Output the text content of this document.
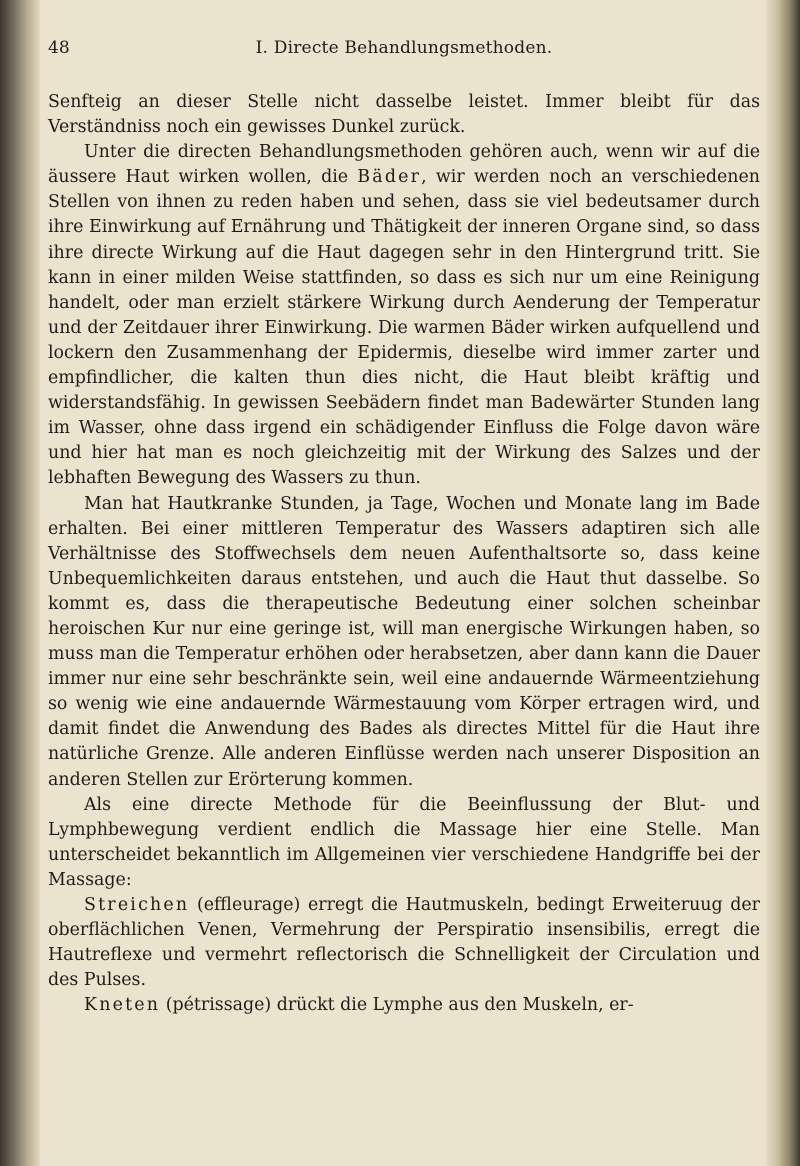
48	I. Directe Behandlungsmethoden.

Senfteig an dieser Stelle nicht dasselbe leistet. Immer bleibt für das Verständniss noch ein gewisses Dunkel zurück.

Unter die directen Behandlungsmethoden gehören auch, wenn wir auf die äussere Haut wirken wollen, die Bäder, wir werden noch an verschiedenen Stellen von ihnen zu reden haben und sehen, dass sie viel bedeutsamer durch ihre Einwirkung auf Ernährung und Thätigkeit der inneren Organe sind, so dass ihre directe Wirkung auf die Haut dagegen sehr in den Hintergrund tritt. Sie kann in einer milden Weise stattfinden, so dass es sich nur um eine Reinigung handelt, oder man erzielt stärkere Wirkung durch Aenderung der Temperatur und der Zeitdauer ihrer Einwirkung. Die warmen Bäder wirken aufquellend und lockern den Zusammenhang der Epidermis, dieselbe wird immer zarter und empfindlicher, die kalten thun dies nicht, die Haut bleibt kräftig und widerstandsfähig. In gewissen Seebädern findet man Badewärter Stunden lang im Wasser, ohne dass irgend ein schädigender Einfluss die Folge davon wäre und hier hat man es noch gleichzeitig mit der Wirkung des Salzes und der lebhaften Bewegung des Wassers zu thun.

Man hat Hautkranke Stunden, ja Tage, Wochen und Monate lang im Bade erhalten. Bei einer mittleren Temperatur des Wassers adaptiren sich alle Verhältnisse des Stoffwechsels dem neuen Aufenthaltsorte so, dass keine Unbequemlichkeiten daraus entstehen, und auch die Haut thut dasselbe. So kommt es, dass die therapeutische Bedeutung einer solchen scheinbar heroischen Kur nur eine geringe ist, will man energische Wirkungen haben, so muss man die Temperatur erhöhen oder herabsetzen, aber dann kann die Dauer immer nur eine sehr beschränkte sein, weil eine andauernde Wärmeentziehung so wenig wie eine andauernde Wärmestauung vom Körper ertragen wird, und damit findet die Anwendung des Bades als directes Mittel für die Haut ihre natürliche Grenze. Alle anderen Einflüsse werden nach unserer Disposition an anderen Stellen zur Erörterung kommen.

Als eine directe Methode für die Beeinflussung der Blut- und Lymphbewegung verdient endlich die Massage hier eine Stelle. Man unterscheidet bekanntlich im Allgemeinen vier verschiedene Handgriffe bei der Massage:

Streichen (effleurage) erregt die Hautmuskeln, bedingt Erweiteruug der oberflächlichen Venen, Vermehrung der Perspiratio insensibilis, erregt die Hautreflexe und vermehrt reflectorisch die Schnelligkeit der Circulation und des Pulses.

Kneten (pétrissage) drückt die Lymphe aus den Muskeln, er-
